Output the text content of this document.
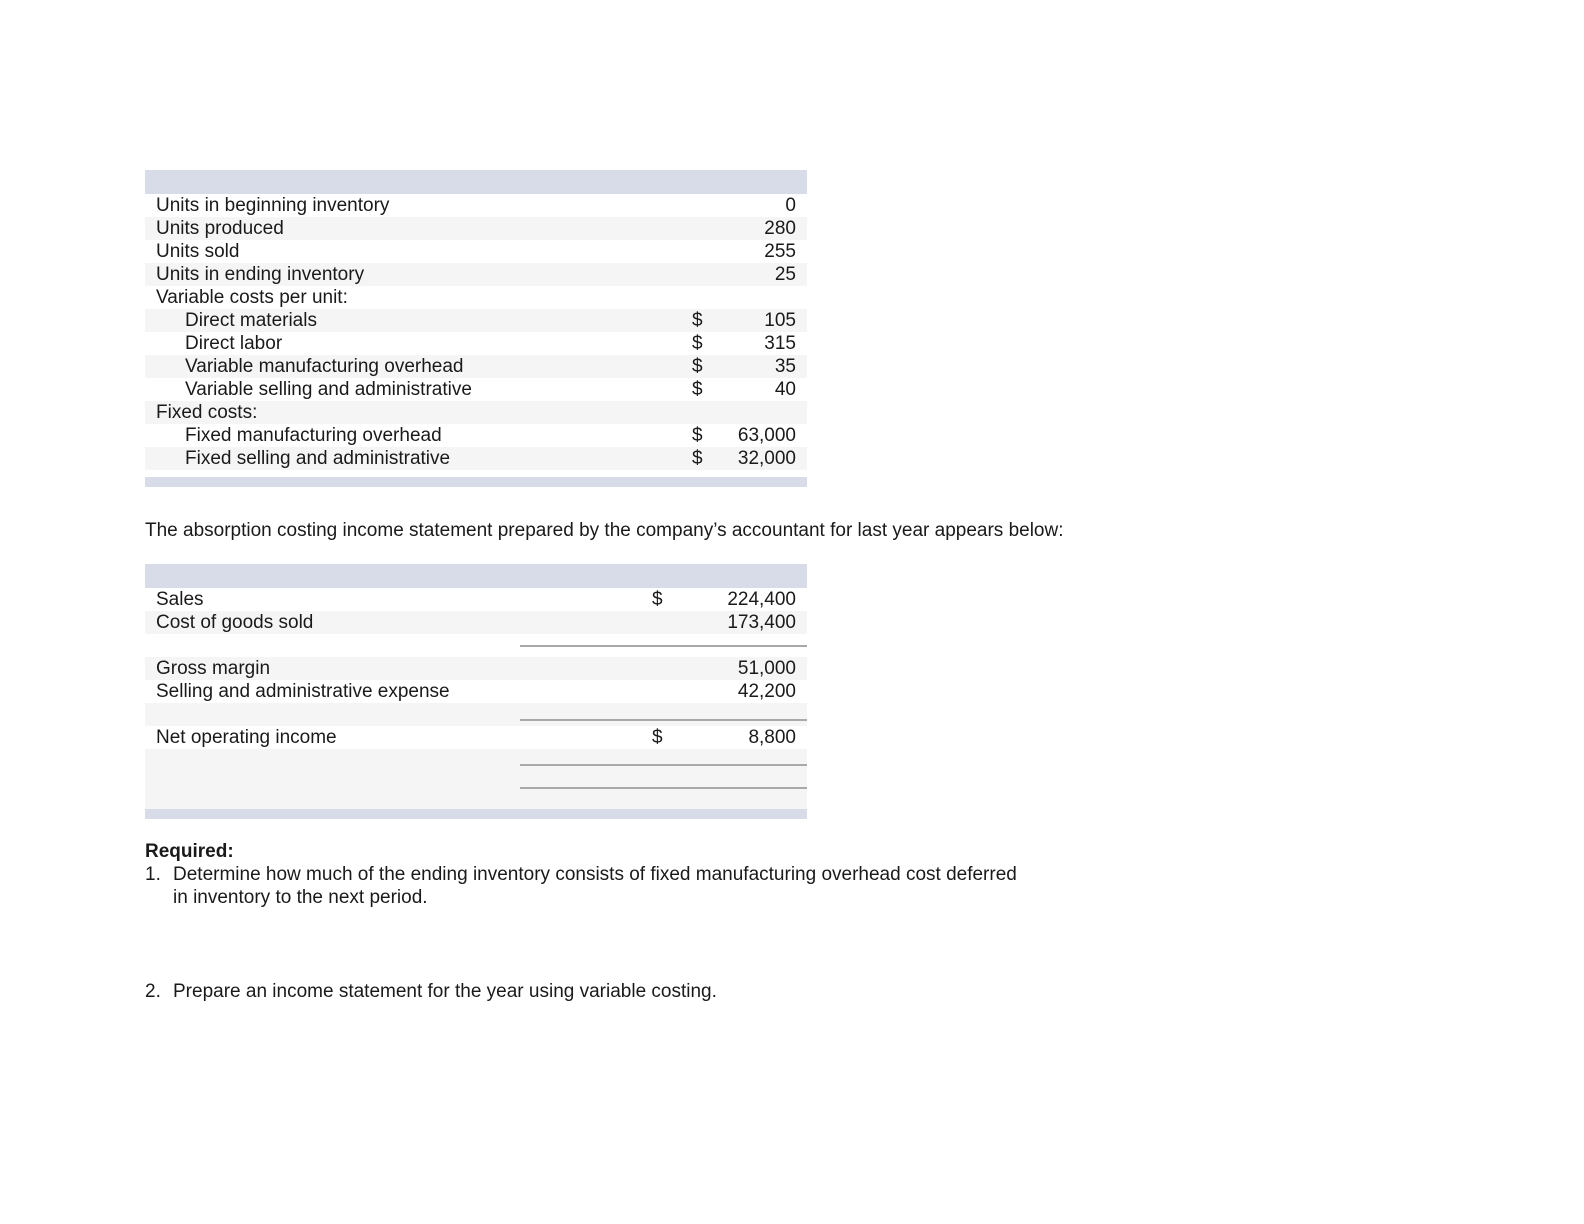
Units in beginning inventory	0
Units produced	280
Units sold	255
Units in ending inventory	25
Variable costs per unit:
Direct materials	$	105
Direct labor	$	315
Variable manufacturing overhead	$	35
Variable selling and administrative	$	40
Fixed costs:
Fixed manufacturing overhead	$ 63,000
Fixed selling and administrative	$ 32,000
The absorption costing income statement prepared by the company’s accountant for last year appears below:
Sales	$	224,400
Cost of goods sold	173,400
Gross margin	51,000
Selling and administrative expense	42,200
Net operating income	$	8,800
Required:
1. Determine how much of the ending inventory consists of fixed manufacturing overhead cost deferred
in inventory to the next period.
2. Prepare an income statement for the year using variable costing.
